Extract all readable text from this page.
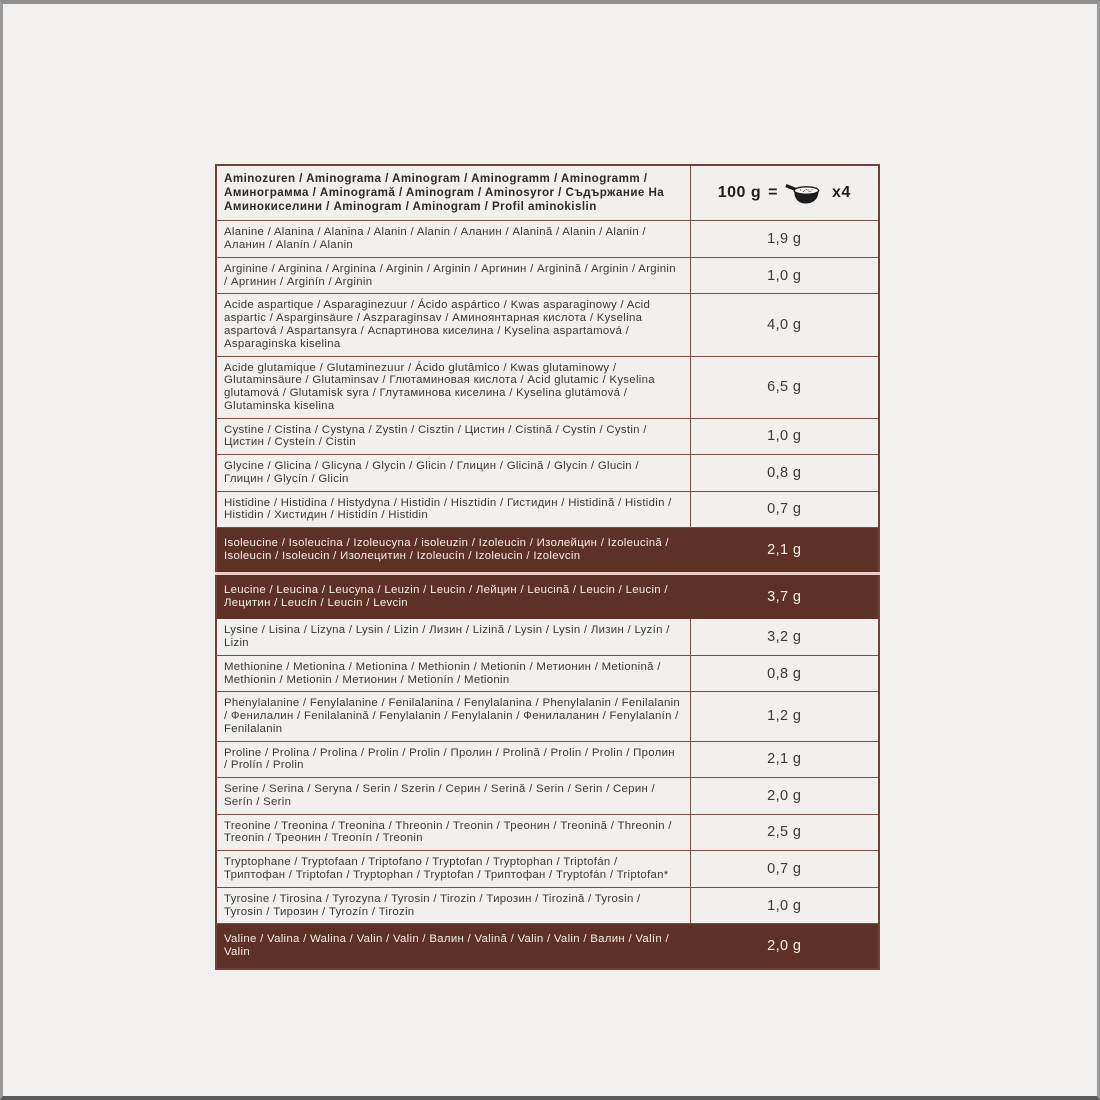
Aminozuren / Aminograma / Aminogram / Aminogramm / Aminogramm / Аминограмма / Aminogramă / Aminogram / Aminosyror / Съдържание На Аминокиселини / Aminogram / Aminogram / Profil aminokislin	100 g = x4

Alanine / Alanina / Alanina / Alanin / Alanin / Аланин / Alanină / Alanin / Alanin / Аланин / Alanín / Alanin	1,9 g
Arginine / Arginina / Arginina / Arginin / Arginin / Аргинин / Arginină / Arginin / Arginin / Аргинин / Arginín / Arginin	1,0 g
Acide aspartique / Asparaginezuur / Ácido aspártico / Kwas asparaginowy / Acid aspartic / Asparginsäure / Aszparaginsav / Аминоянтарная кислота / Kyselina aspartová / Aspartansyra / Аспартинова киселина / Kyselina aspartamová / Asparaginska kiselina	4,0 g
Acide glutamique / Glutaminezuur / Ácido glutâmico / Kwas glutaminowy / Glutaminsäure / Glutaminsav / Глютаминовая кислота / Acid glutamic / Kyselina glutamová / Glutamisk syra / Глутаминова киселина / Kyselina glutámová / Glutaminska kiselina	6,5 g
Cystine / Cistina / Cystyna / Zystin / Cisztin / Цистин / Cistină / Cystin / Cystin / Цистин / Cysteín / Cistin	1,0 g
Glycine / Glicina / Glicyna / Glycin / Glicin / Глицин / Glicină / Glycin / Glucin / Глицин / Glycín / Glicin	0,8 g
Histidine / Histidina / Histydyna / Histidin / Hisztidin / Гистидин / Histidină / Histidin / Histidin / Хистидин / Histidín / Histidin	0,7 g
Isoleucine / Isoleucina / Izoleucyna / isoleuzin / Izoleucin / Изолейцин / Izoleucină / Isoleucin / Isoleucin / Изолецитин / Izoleucín / Izoleucin / Izolevcin	2,1 g
Leucine / Leucina / Leucyna / Leuzin / Leucin / Лейцин / Leucină / Leucin / Leucin / Лецитин / Leucín / Leucin / Levcin	3,7 g
Lysine / Lisina / Lizyna / Lysin / Lizin / Лизин / Lizină / Lysin / Lysin / Лизин / Lyzín / Lizin	3,2 g
Methionine / Metionina / Metionina / Methionin / Metionin / Метионин / Metionină / Methionin / Metionin / Метионин / Metionín / Metionin	0,8 g
Phenylalanine / Fenylalanine / Fenilalanina / Fenylalanina / Phenylalanin / Fenilalanin / Фенилалин / Fenilalanină / Fenylalanin / Fenylalanin / Фенилаланин / Fenylalanín / Fenilalanin	1,2 g
Proline / Prolina / Prolina / Prolin / Prolin / Пролин / Prolină / Prolin / Prolin / Пролин / Prolín / Prolin	2,1 g
Serine / Serina / Seryna / Serin / Szerin / Серин / Serină / Serin / Serin / Серин / Serín / Serin	2,0 g
Treonine / Treonina / Treonina / Threonin / Treonin / Треонин / Treonină / Threonin / Treonin / Треонин / Treonín / Treonin	2,5 g
Tryptophane / Tryptofaan / Triptofano / Tryptofan / Tryptophan / Triptofán / Триптофан / Triptofan / Tryptophan / Tryptofan / Триптофан / Tryptofán / Triptofan*	0,7 g
Tyrosine / Tirosina / Tyrozyna / Tyrosin / Tirozin / Тирозин / Tirozină / Tyrosin / Tyrosin / Тирозин / Tyrozín / Tirozin	1,0 g
Valine / Valina / Walina / Valin / Valin / Валин / Valină / Valin / Valin / Валин / Valín / Valin	2,0 g
